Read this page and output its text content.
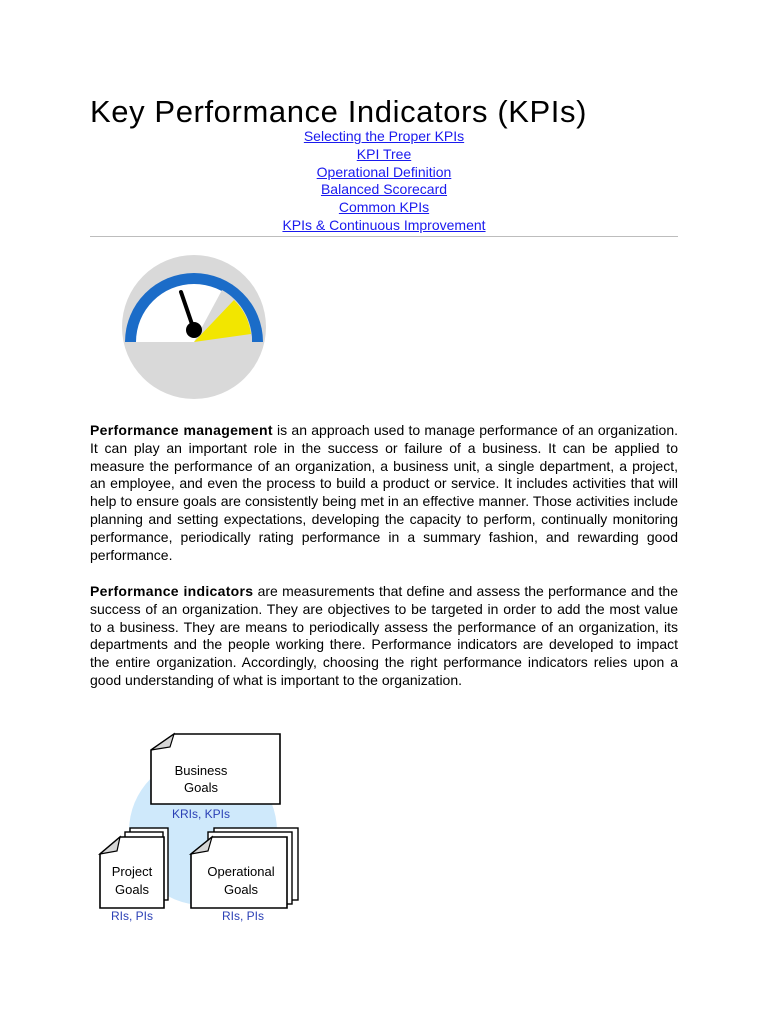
Key Performance Indicators (KPIs)
Selecting the Proper KPIs
KPI Tree
Operational Definition
Balanced Scorecard
Common KPIs
KPIs & Continuous Improvement

Performance management is an approach used to manage performance of an organization. It can play an important role in the success or failure of a business. It can be applied to measure the performance of an organization, a business unit, a single department, a project, an employee, and even the process to build a product or service. It includes activities that will help to ensure goals are consistently being met in an effective manner. Those activities include planning and setting expectations, developing the capacity to perform, continually monitoring performance, periodically rating performance in a summary fashion, and rewarding good performance.

Performance indicators are measurements that define and assess the performance and the success of an organization. They are objectives to be targeted in order to add the most value to a business. They are means to periodically assess the performance of an organization, its departments and the people working there. Performance indicators are developed to impact the entire organization. Accordingly, choosing the right performance indicators relies upon a good understanding of what is important to the organization.

Business
Goals
KRIs, KPIs
Project
Goals
RIs, PIs
Operational
Goals
RIs, PIs
